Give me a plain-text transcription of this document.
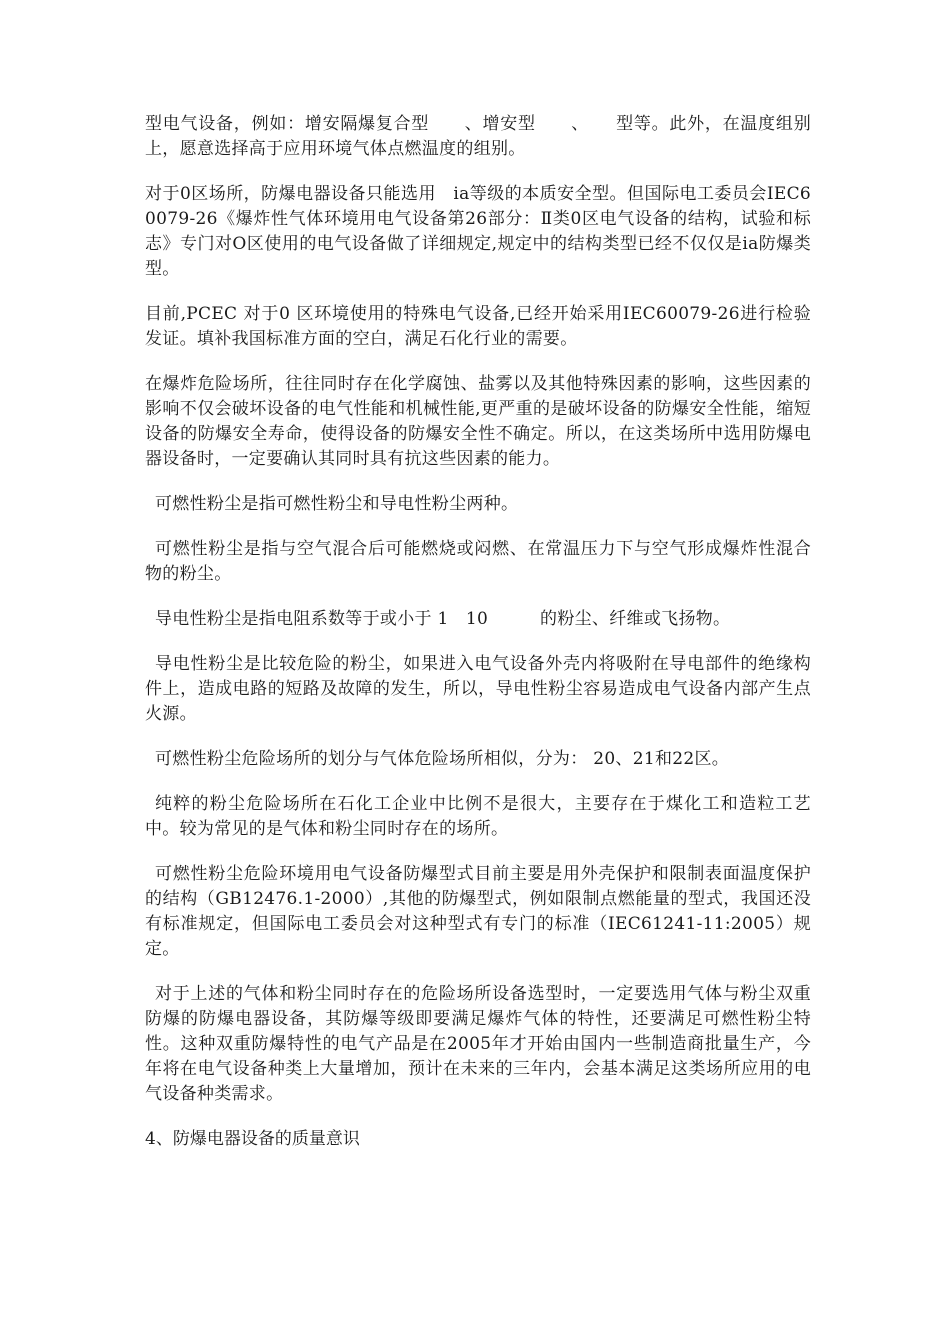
型电气设备，例如：增安隔爆复合型　　、增安型　　、　　型等。此外，在温度组别上，愿意选择高于应用环境气体点燃温度的组别。

对于0区场所，防爆电器设备只能选用　ia等级的本质安全型。但国际电工委员会IEC60079-26《爆炸性气体环境用电气设备第26部分：Ⅱ类0区电气设备的结构，试验和标志》专门对O区使用的电气设备做了详细规定,规定中的结构类型已经不仅仅是ia防爆类型。

目前,PCEC 对于0 区环境使用的特殊电气设备,已经开始采用IEC60079-26进行检验发证。填补我国标准方面的空白，满足石化行业的需要。

在爆炸危险场所，往往同时存在化学腐蚀、盐雾以及其他特殊因素的影响，这些因素的影响不仅会破坏设备的电气性能和机械性能,更严重的是破坏设备的防爆安全性能，缩短设备的防爆安全寿命，使得设备的防爆安全性不确定。所以，在这类场所中选用防爆电器设备时，一定要确认其同时具有抗这些因素的能力。

可燃性粉尘是指可燃性粉尘和导电性粉尘两种。

可燃性粉尘是指与空气混合后可能燃烧或闷燃、在常温压力下与空气形成爆炸性混合物的粉尘。

导电性粉尘是指电阻系数等于或小于 1　10　　　的粉尘、纤维或飞扬物。

导电性粉尘是比较危险的粉尘，如果进入电气设备外壳内将吸附在导电部件的绝缘构件上，造成电路的短路及故障的发生，所以，导电性粉尘容易造成电气设备内部产生点火源。

可燃性粉尘危险场所的划分与气体危险场所相似，分为： 20、21和22区。

纯粹的粉尘危险场所在石化工企业中比例不是很大，主要存在于煤化工和造粒工艺中。较为常见的是气体和粉尘同时存在的场所。

可燃性粉尘危险环境用电气设备防爆型式目前主要是用外壳保护和限制表面温度保护的结构（GB12476.1-2000）,其他的防爆型式，例如限制点燃能量的型式，我国还没有标准规定，但国际电工委员会对这种型式有专门的标准（IEC61241-11:2005）规定。

对于上述的气体和粉尘同时存在的危险场所设备选型时，一定要选用气体与粉尘双重防爆的防爆电器设备，其防爆等级即要满足爆炸气体的特性，还要满足可燃性粉尘特性。这种双重防爆特性的电气产品是在2005年才开始由国内一些制造商批量生产，今年将在电气设备种类上大量增加，预计在未来的三年内，会基本满足这类场所应用的电气设备种类需求。

4、防爆电器设备的质量意识
